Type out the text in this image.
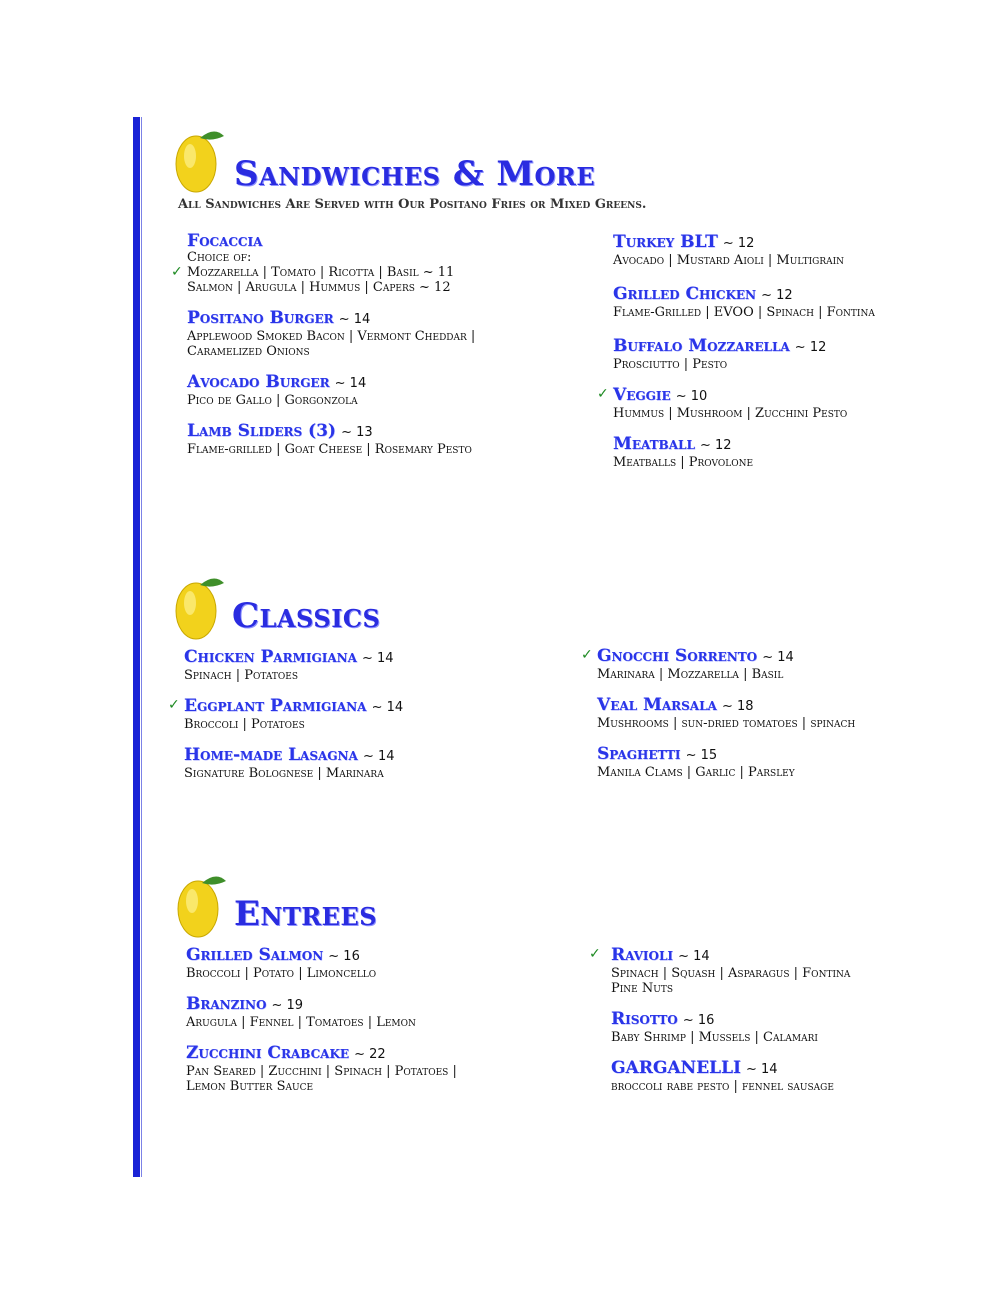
Sandwiches & More
All Sandwiches Are Served with Our Positano Fries or Mixed Greens.
Focaccia
Choice of:
✓ Mozzarella | Tomato | Ricotta | Basil ~ 11
Salmon | Arugula | Hummus | Capers ~ 12
Positano Burger ~ 14
Applewood Smoked Bacon | Vermont Cheddar |
Caramelized Onions
Avocado Burger ~ 14
Pico de Gallo | Gorgonzola
Lamb Sliders (3) ~ 13
Flame-grilled | Goat Cheese | Rosemary Pesto
Turkey BLT ~ 12
Avocado | Mustard Aioli | Multigrain
Grilled Chicken ~ 12
Flame-Grilled | EVOO | Spinach | Fontina
Buffalo Mozzarella ~ 12
Prosciutto | Pesto
✓ Veggie ~ 10
Hummus | Mushroom | Zucchini Pesto
Meatball ~ 12
Meatballs | Provolone
Classics
Chicken Parmigiana ~ 14
Spinach | Potatoes
✓ Eggplant Parmigiana ~ 14
Broccoli | Potatoes
Home-made Lasagna ~ 14
Signature Bolognese | Marinara
✓ Gnocchi Sorrento ~ 14
Marinara | Mozzarella | Basil
Veal Marsala ~ 18
Mushrooms | sun-dried tomatoes | spinach
Spaghetti ~ 15
Manila Clams | Garlic | Parsley
Entrees
Grilled Salmon ~ 16
Broccoli | Potato | Limoncello
Branzino ~ 19
Arugula | Fennel | Tomatoes | Lemon
Zucchini Crabcake ~ 22
Pan Seared | Zucchini | Spinach | Potatoes |
Lemon Butter Sauce
✓ Ravioli ~ 14
Spinach | Squash | Asparagus | Fontina
Pine Nuts
Risotto ~ 16
Baby Shrimp | Mussels | Calamari
GARGANELLI ~ 14
broccoli rabe pesto | fennel sausage
